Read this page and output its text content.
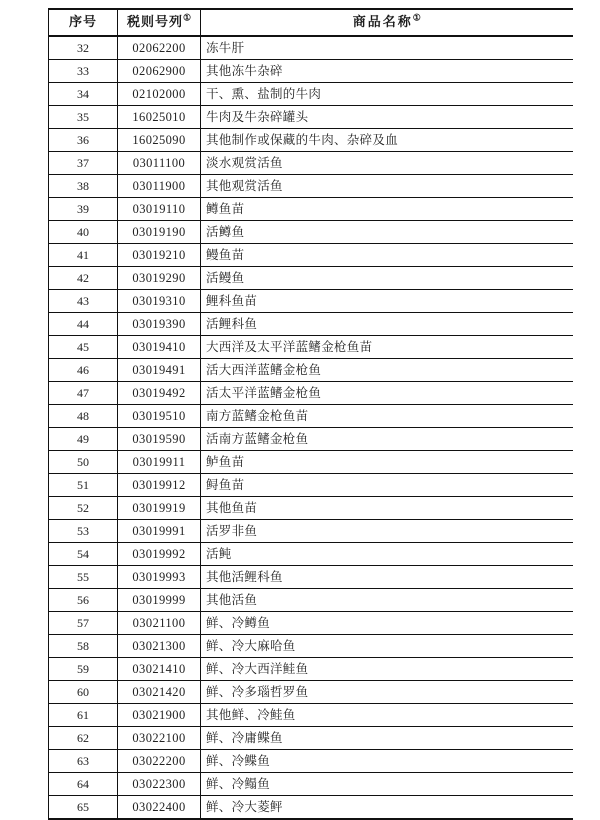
序号	税则号列①	商品名称①
32	02062200	冻牛肝
33	02062900	其他冻牛杂碎
34	02102000	干、熏、盐制的牛肉
35	16025010	牛肉及牛杂碎罐头
36	16025090	其他制作或保藏的牛肉、杂碎及血
37	03011100	淡水观赏活鱼
38	03011900	其他观赏活鱼
39	03019110	鳟鱼苗
40	03019190	活鳟鱼
41	03019210	鳗鱼苗
42	03019290	活鳗鱼
43	03019310	鲤科鱼苗
44	03019390	活鲤科鱼
45	03019410	大西洋及太平洋蓝鳍金枪鱼苗
46	03019491	活大西洋蓝鳍金枪鱼
47	03019492	活太平洋蓝鳍金枪鱼
48	03019510	南方蓝鳍金枪鱼苗
49	03019590	活南方蓝鳍金枪鱼
50	03019911	鲈鱼苗
51	03019912	鲟鱼苗
52	03019919	其他鱼苗
53	03019991	活罗非鱼
54	03019992	活鲀
55	03019993	其他活鲤科鱼
56	03019999	其他活鱼
57	03021100	鲜、冷鳟鱼
58	03021300	鲜、冷大麻哈鱼
59	03021410	鲜、冷大西洋鲑鱼
60	03021420	鲜、冷多瑙哲罗鱼
61	03021900	其他鲜、冷鲑鱼
62	03022100	鲜、冷庸鲽鱼
63	03022200	鲜、冷鲽鱼
64	03022300	鲜、冷鳎鱼
65	03022400	鲜、冷大菱鲆
